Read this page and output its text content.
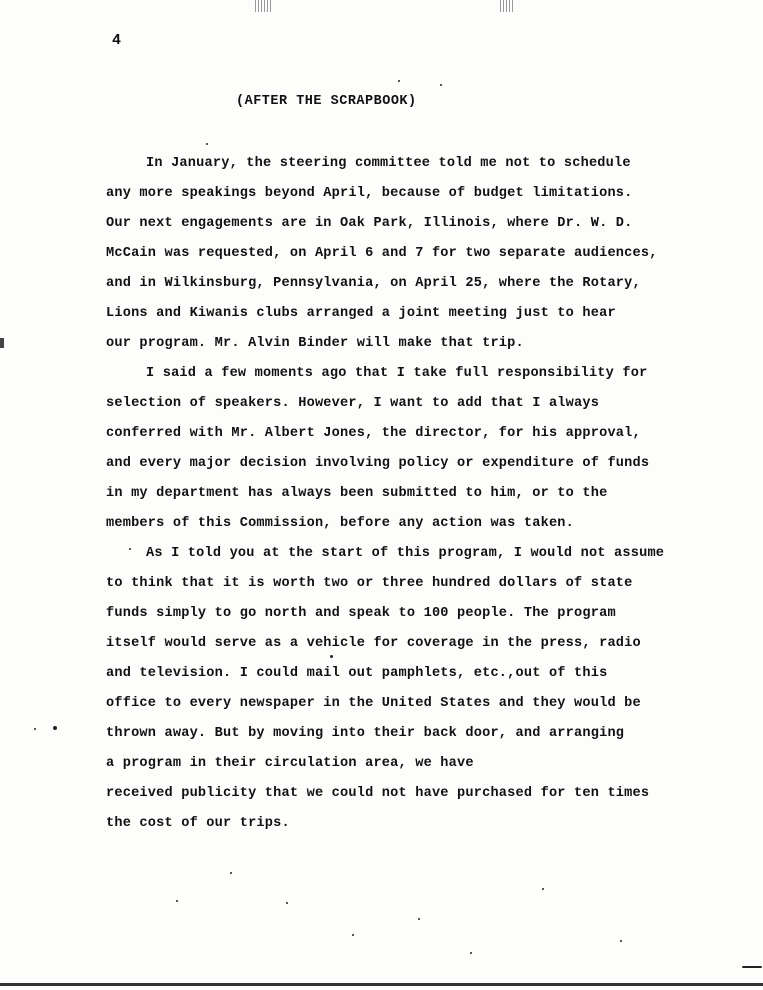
4
(AFTER THE SCRAPBOOK)
In January, the steering committee told me not to schedule
any more speakings beyond April, because of budget limitations.
Our next engagements are in Oak Park, Illinois, where Dr. W. D.
McCain was requested, on April 6 and 7 for two separate audiences,
and in Wilkinsburg, Pennsylvania, on April 25, where the Rotary,
Lions and Kiwanis clubs arranged a joint meeting just to hear
our program. Mr. Alvin Binder will make that trip.
I said a few moments ago that I take full responsibility for
selection of speakers. However, I want to add that I always
conferred with Mr. Albert Jones, the director, for his approval,
and every major decision involving policy or expenditure of funds
in my department has always been submitted to him, or to the
members of this Commission, before any action was taken.
As I told you at the start of this program, I would not assume
to think that it is worth two or three hundred dollars of state
funds simply to go north and speak to 100 people. The program
itself would serve as a vehicle for coverage in the press, radio
and television. I could mail out pamphlets, etc.,out of this
office to every newspaper in the United States and they would be
thrown away. But by moving into their back door, and arranging
a program in their circulation area, we have
received publicity that we could not have purchased for ten times
the cost of our trips.
